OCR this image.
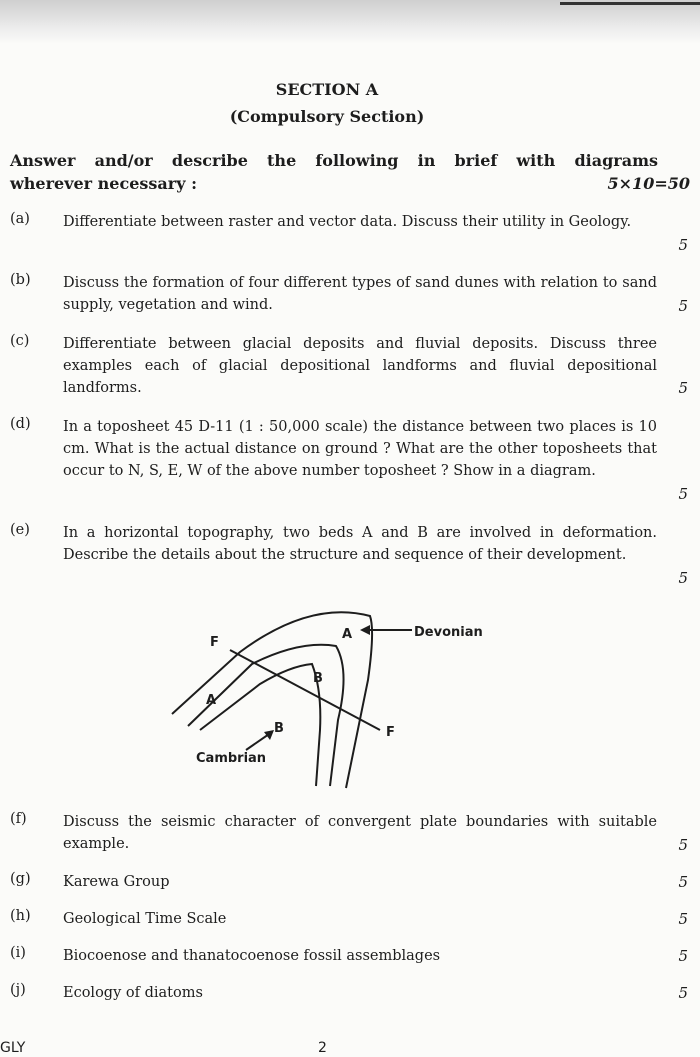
SECTION A
(Compulsory Section)
Answer and/or describe the following in brief with diagrams
wherever necessary :	5×10=50
(a) Differentiate between raster and vector data. Discuss their utility in Geology.
5
(b) Discuss the formation of four different types of sand dunes with relation to sand supply, vegetation and wind.	5
(c) Differentiate between glacial deposits and fluvial deposits. Discuss three examples each of glacial depositional landforms and fluvial depositional landforms.	5
(d) In a toposheet 45 D-11 (1 : 50,000 scale) the distance between two places is 10 cm. What is the actual distance on ground ? What are the other toposheets that occur to N, S, E, W of the above number toposheet ? Show in a diagram.
5
(e) In a horizontal topography, two beds A and B are involved in deformation. Describe the details about the structure and sequence of their development.
5
F
F
A
A
B
B
Devonian
Cambrian
(f)	Discuss the seismic character of convergent plate boundaries with suitable example.	5
(g) Karewa Group	5
(h) Geological Time Scale	5
(i)	Biocoenose and thanatocoenose fossil assemblages	5
(j)	Ecology of diatoms	5
GLY	2
